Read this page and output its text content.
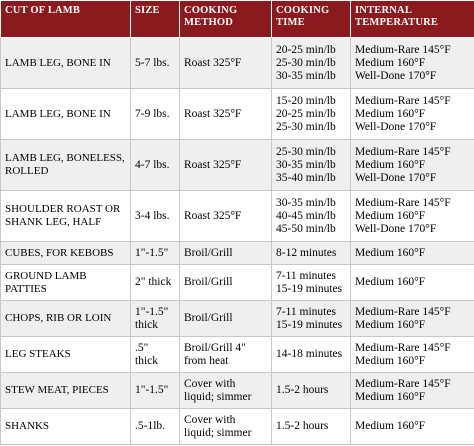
CUT OF LAMB	SIZE	COOKING METHOD	COOKING TIME	INTERNAL TEMPERATURE
LAMB LEG, BONE IN	5-7 lbs.	Roast 325°F	20-25 min/lb
25-30 min/lb
30-35 min/lb	Medium-Rare 145°F
Medium 160°F
Well-Done 170°F

LAMB LEG, BONE IN	7-9 lbs.	Roast 325°F	15-20 min/lb
20-25 min/lb
25-30 min/lb	Medium-Rare 145°F
Medium 160°F
Well-Done 170°F

LAMB LEG, BONELESS, ROLLED	4-7 lbs.	Roast 325°F	25-30 min/lb
30-35 min/lb
35-40 min/lb	Medium-Rare 145°F
Medium 160°F
Well-Done 170°F

SHOULDER ROAST OR SHANK LEG, HALF	3-4 lbs.	Roast 325°F	30-35 min/lb
40-45 min/lb
45-50 min/lb	Medium-Rare 145°F
Medium 160°F
Well-Done 170°F

CUBES, FOR KEBOBS	1"-1.5"	Broil/Grill	8-12 minutes	Medium 160°F

GROUND LAMB PATTIES	2" thick	Broil/Grill	7-11 minutes
15-19 minutes	Medium 160°F

CHOPS, RIB OR LOIN	1"-1.5"
thick	Broil/Grill	7-11 minutes
15-19 minutes	Medium-Rare 145°F
Medium 160°F

LEG STEAKS	.5"
thick	Broil/Grill 4"
from heat	14-18 minutes	Medium-Rare 145°F
Medium 160°F

STEW MEAT, PIECES	1"-1.5"	Cover with
liquid; simmer	1.5-2 hours	Medium-Rare 145°F
Medium 160°F

SHANKS	.5-1lb.	Cover with
liquid; simmer	1.5-2 hours	Medium 160°F
